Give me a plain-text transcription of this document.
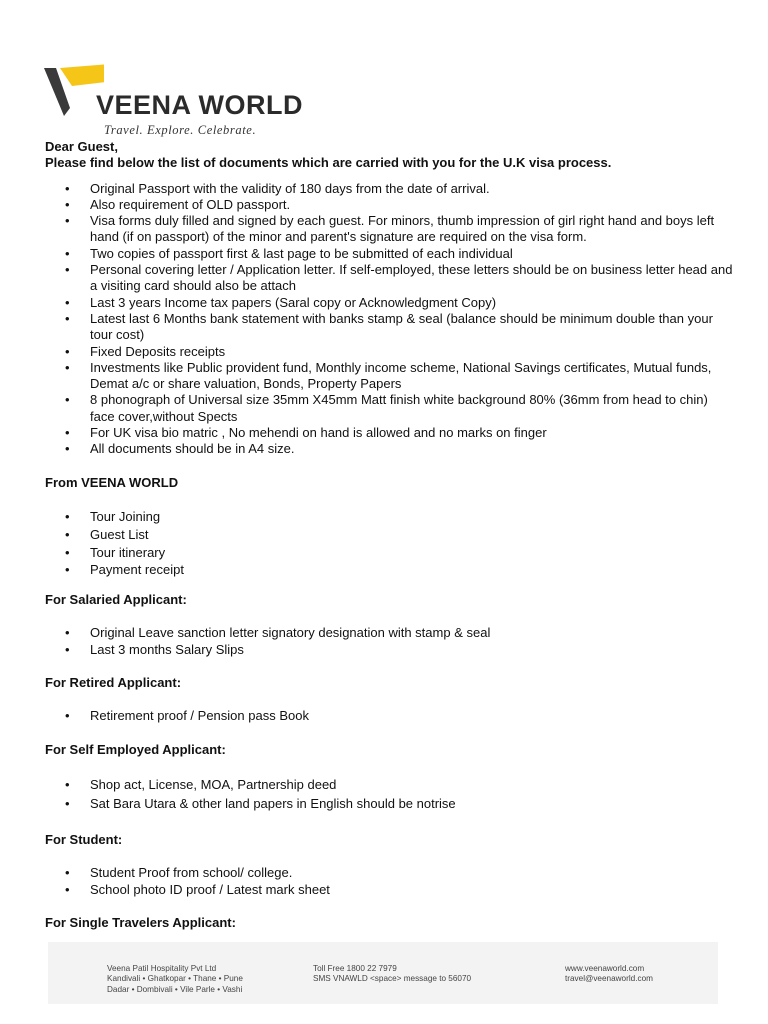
VEENA WORLD
Travel. Explore. Celebrate.

Dear Guest,

Please find below the list of documents which are carried with you for the U.K visa process.

• Original Passport with the validity of 180 days from the date of arrival.
• Also requirement of OLD passport.
• Visa forms duly filled and signed by each guest. For minors, thumb impression of girl right hand and boys left hand (if on passport) of the minor and parent's signature are required on the visa form.
• Two copies of passport first & last page to be submitted of each individual
• Personal covering letter / Application letter. If self-employed, these letters should be on business letter head and a visiting card should also be attach
• Last 3 years Income tax papers (Saral copy or Acknowledgment Copy)
• Latest last 6 Months bank statement with banks stamp & seal (balance should be minimum double than your tour cost)
• Fixed Deposits receipts
• Investments like Public provident fund, Monthly income scheme, National Savings certificates, Mutual funds, Demat a/c or share valuation, Bonds, Property Papers
• 8 phonograph of Universal size 35mm X45mm Matt finish white background 80% (36mm from head to chin) face cover,without Spects
• For UK visa bio matric , No mehendi on hand is allowed and no marks on finger
• All documents should be in A4 size.

From VEENA WORLD

• Tour Joining
• Guest List
• Tour itinerary
• Payment receipt

For Salaried Applicant:

• Original Leave sanction letter signatory designation with stamp & seal
• Last 3 months Salary Slips

For Retired Applicant:

• Retirement proof / Pension pass Book

For Self Employed Applicant:

• Shop act, License, MOA, Partnership deed
• Sat Bara Utara & other land papers in English should be notrise

For Student:

• Student Proof from school/ college.
• School photo ID proof / Latest mark sheet

For Single Travelers Applicant:

Veena Patil Hospitality Pvt Ltd
Kandivali • Ghatkopar • Thane • Pune
Dadar • Dombivali • Vile Parle • Vashi
Toll Free 1800 22 7979
SMS VNAWLD <space> message to 56070
www.veenaworld.com
travel@veenaworld.com
